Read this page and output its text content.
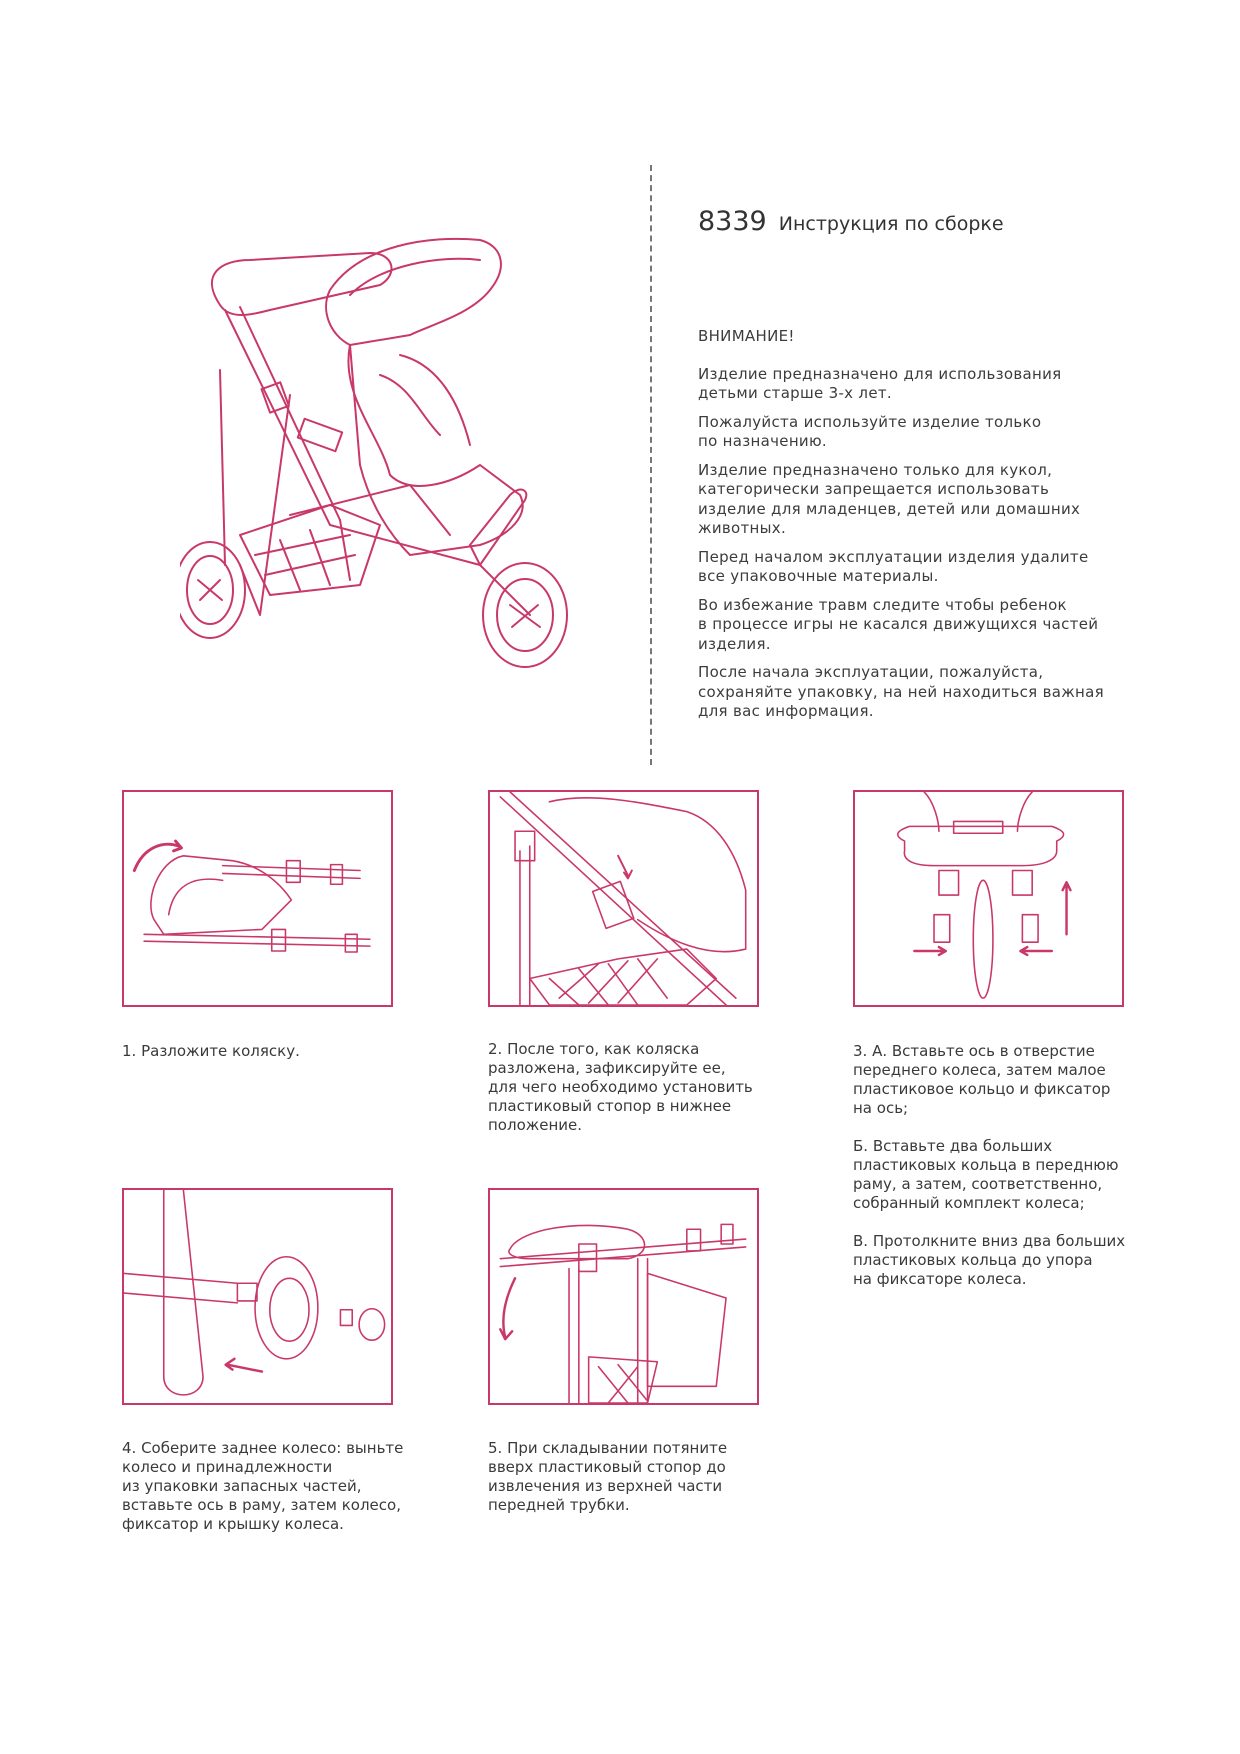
8339 Инструкция по сборке
ВНИМАНИЕ!

Изделие предназначено для использования
детьми старше 3-х лет.

Пожалуйста используйте изделие только
по назначению.

Изделие предназначено только для кукол,
категорически запрещается использовать
изделие для младенцев, детей или домашних
животных.

Перед началом эксплуатации изделия удалите
все упаковочные материалы.

Во избежание травм следите чтобы ребенок
в процессе игры не касался движущихся частей
изделия.

После начала эксплуатации, пожалуйста,
сохраняйте упаковку, на ней находиться важная
для вас информация.

1. Разложите коляску.	2. После того, как коляска
разложена, зафиксируйте ее,
для чего необходимо установить
пластиковый стопор в нижнее
положение.
3. А. Вставьте ось в отверстие
переднего колеса, затем малое
пластиковое кольцо и фиксатор
на ось;

Б. Вставьте два больших
пластиковых кольца в переднюю
раму, а затем, соответственно,
собранный комплект колеса;

В. Протолкните вниз два больших
пластиковых кольца до упора
на фиксаторе колеса.
4. Соберите заднее колесо: выньте
колесо и принадлежности
из упаковки запасных частей,
вставьте ось в раму, затем колесо,
фиксатор и крышку колеса.
5. При складывании потяните
вверх пластиковый стопор до
извлечения из верхней части
передней трубки.
